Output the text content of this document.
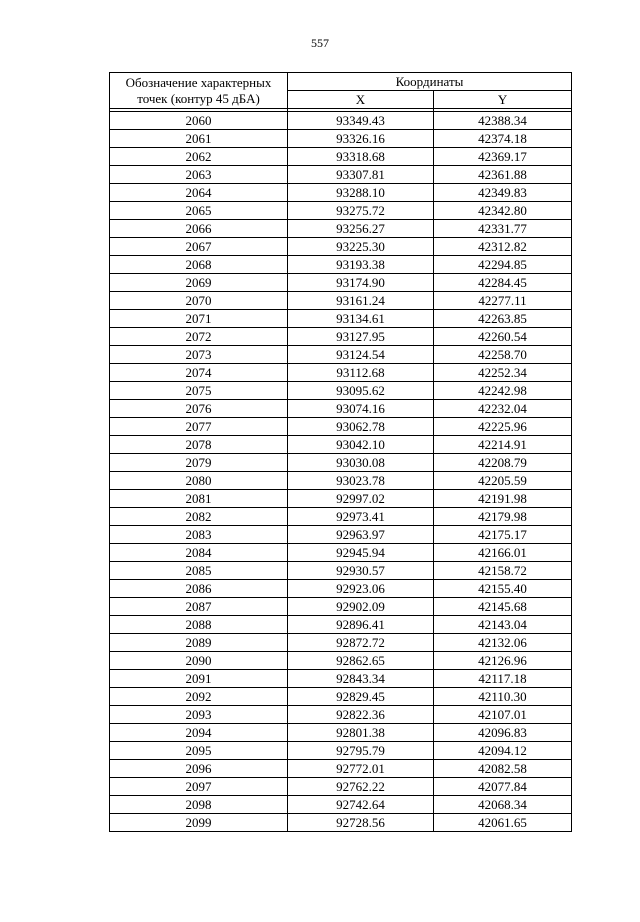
557
Обозначение характерных точек (контур 45 дБА)	Координаты	
	X	Y

2060	93349.43	42388.34
2061	93326.16	42374.18
2062	93318.68	42369.17
2063	93307.81	42361.88
2064	93288.10	42349.83
2065	93275.72	42342.80
2066	93256.27	42331.77
2067	93225.30	42312.82
2068	93193.38	42294.85
2069	93174.90	42284.45
2070	93161.24	42277.11
2071	93134.61	42263.85
2072	93127.95	42260.54
2073	93124.54	42258.70
2074	93112.68	42252.34
2075	93095.62	42242.98
2076	93074.16	42232.04
2077	93062.78	42225.96
2078	93042.10	42214.91
2079	93030.08	42208.79
2080	93023.78	42205.59
2081	92997.02	42191.98
2082	92973.41	42179.98
2083	92963.97	42175.17
2084	92945.94	42166.01
2085	92930.57	42158.72
2086	92923.06	42155.40
2087	92902.09	42145.68
2088	92896.41	42143.04
2089	92872.72	42132.06
2090	92862.65	42126.96
2091	92843.34	42117.18
2092	92829.45	42110.30
2093	92822.36	42107.01
2094	92801.38	42096.83
2095	92795.79	42094.12
2096	92772.01	42082.58
2097	92762.22	42077.84
2098	92742.64	42068.34
2099	92728.56	42061.65
